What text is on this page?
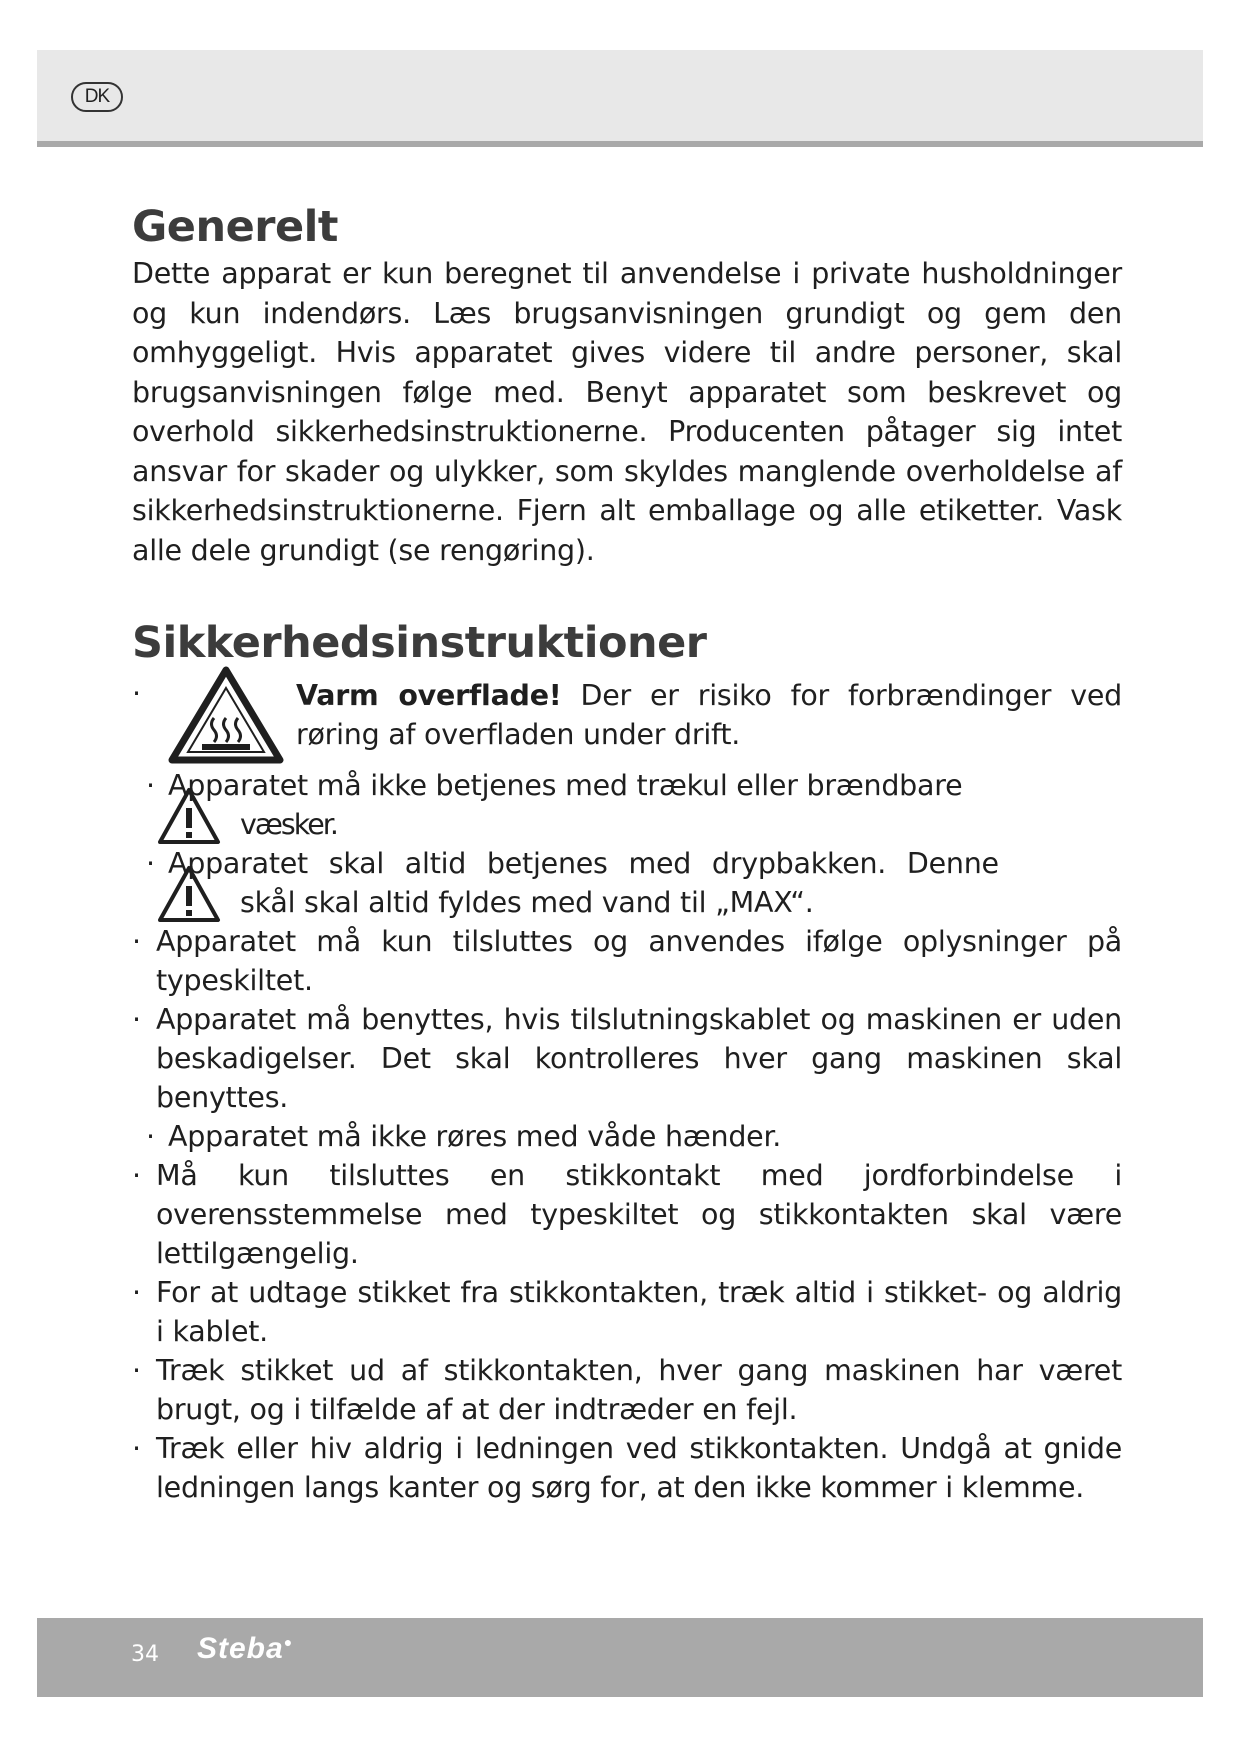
DK
Generelt

Dette apparat er kun beregnet til anvendelse i private husholdninger og kun indendørs. Læs brugsanvisningen grundigt og gem den omhyggeligt. Hvis apparatet gives videre til andre personer, skal brugsanvisningen følge med. Benyt apparatet som beskrevet og overhold sikkerhedsinstruktionerne. Producenten påtager sig intet ansvar for skader og ulykker, som skyldes manglende overholdelse af sikkerhedsinstruktionerne. Fjern alt emballage og alle etiketter. Vask alle dele grundigt (se rengøring).

Sikkerhedsinstruktioner
·	Varm overflade! Der er risiko for forbrændinger ved røring af overfladen under drift.
· Apparatet må ikke betjenes med trækul eller brændbare

væsker.

· Apparatet skal altid betjenes med drypbakken. Denne

skål skal altid fyldes med vand til „MAX“.

· Apparatet må kun tilsluttes og anvendes ifølge oplysninger på typeskiltet.

· Apparatet må benyttes, hvis tilslutningskablet og maskinen er uden beskadigelser. Det skal kontrolleres hver gang maskinen skal benyttes.

· Apparatet må ikke røres med våde hænder.

· Må kun tilsluttes en stikkontakt med jordforbindelse i overensstemmelse med typeskiltet og stikkontakten skal være lettilgængelig.

· For at udtage stikket fra stikkontakten, træk altid i stikket- og aldrig i kablet.

· Træk stikket ud af stikkontakten, hver gang maskinen har været brugt, og i tilfælde af at der indtræder en fejl.

· Træk eller hiv aldrig i ledningen ved stikkontakten. Undgå at gnide ledningen langs kanter og sørg for, at den ikke kommer i klemme.

34 Steba●
